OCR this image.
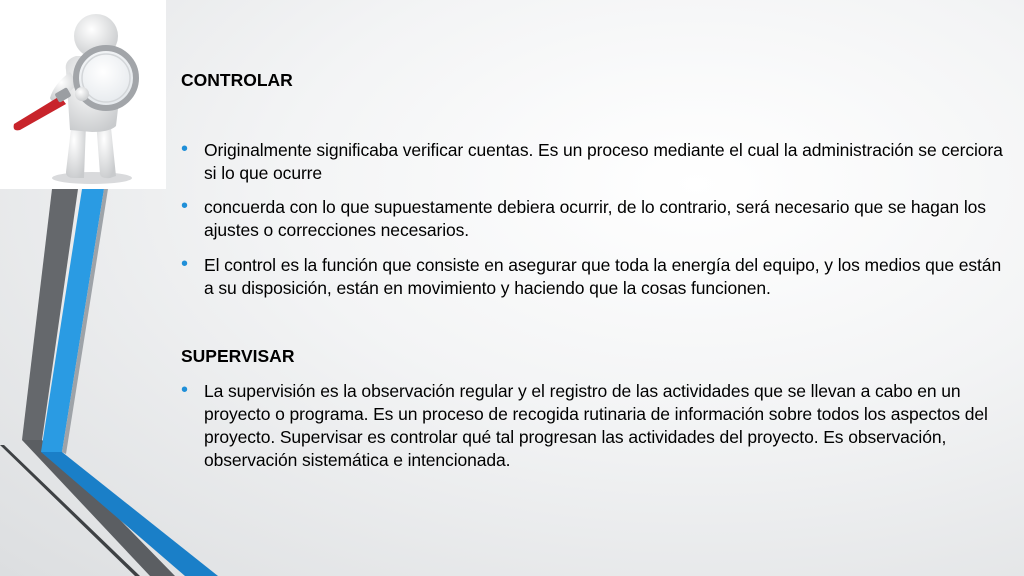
CONTROLAR
• Originalmente significaba verificar cuentas. Es un proceso mediante el cual la administración se cerciora si lo que ocurre
• concuerda con lo que supuestamente debiera ocurrir, de lo contrario, será necesario que se hagan los ajustes o correcciones necesarios.
• El control es la función que consiste en asegurar que toda la energía del equipo, y los medios que están a su disposición, están en movimiento y haciendo que la cosas funcionen.
SUPERVISAR
• La supervisión es la observación regular y el registro de las actividades que se llevan a cabo en un proyecto o programa. Es un proceso de recogida rutinaria de información sobre todos los aspectos del proyecto. Supervisar es controlar qué tal progresan las actividades del proyecto. Es observación, observación sistemática e intencionada.
